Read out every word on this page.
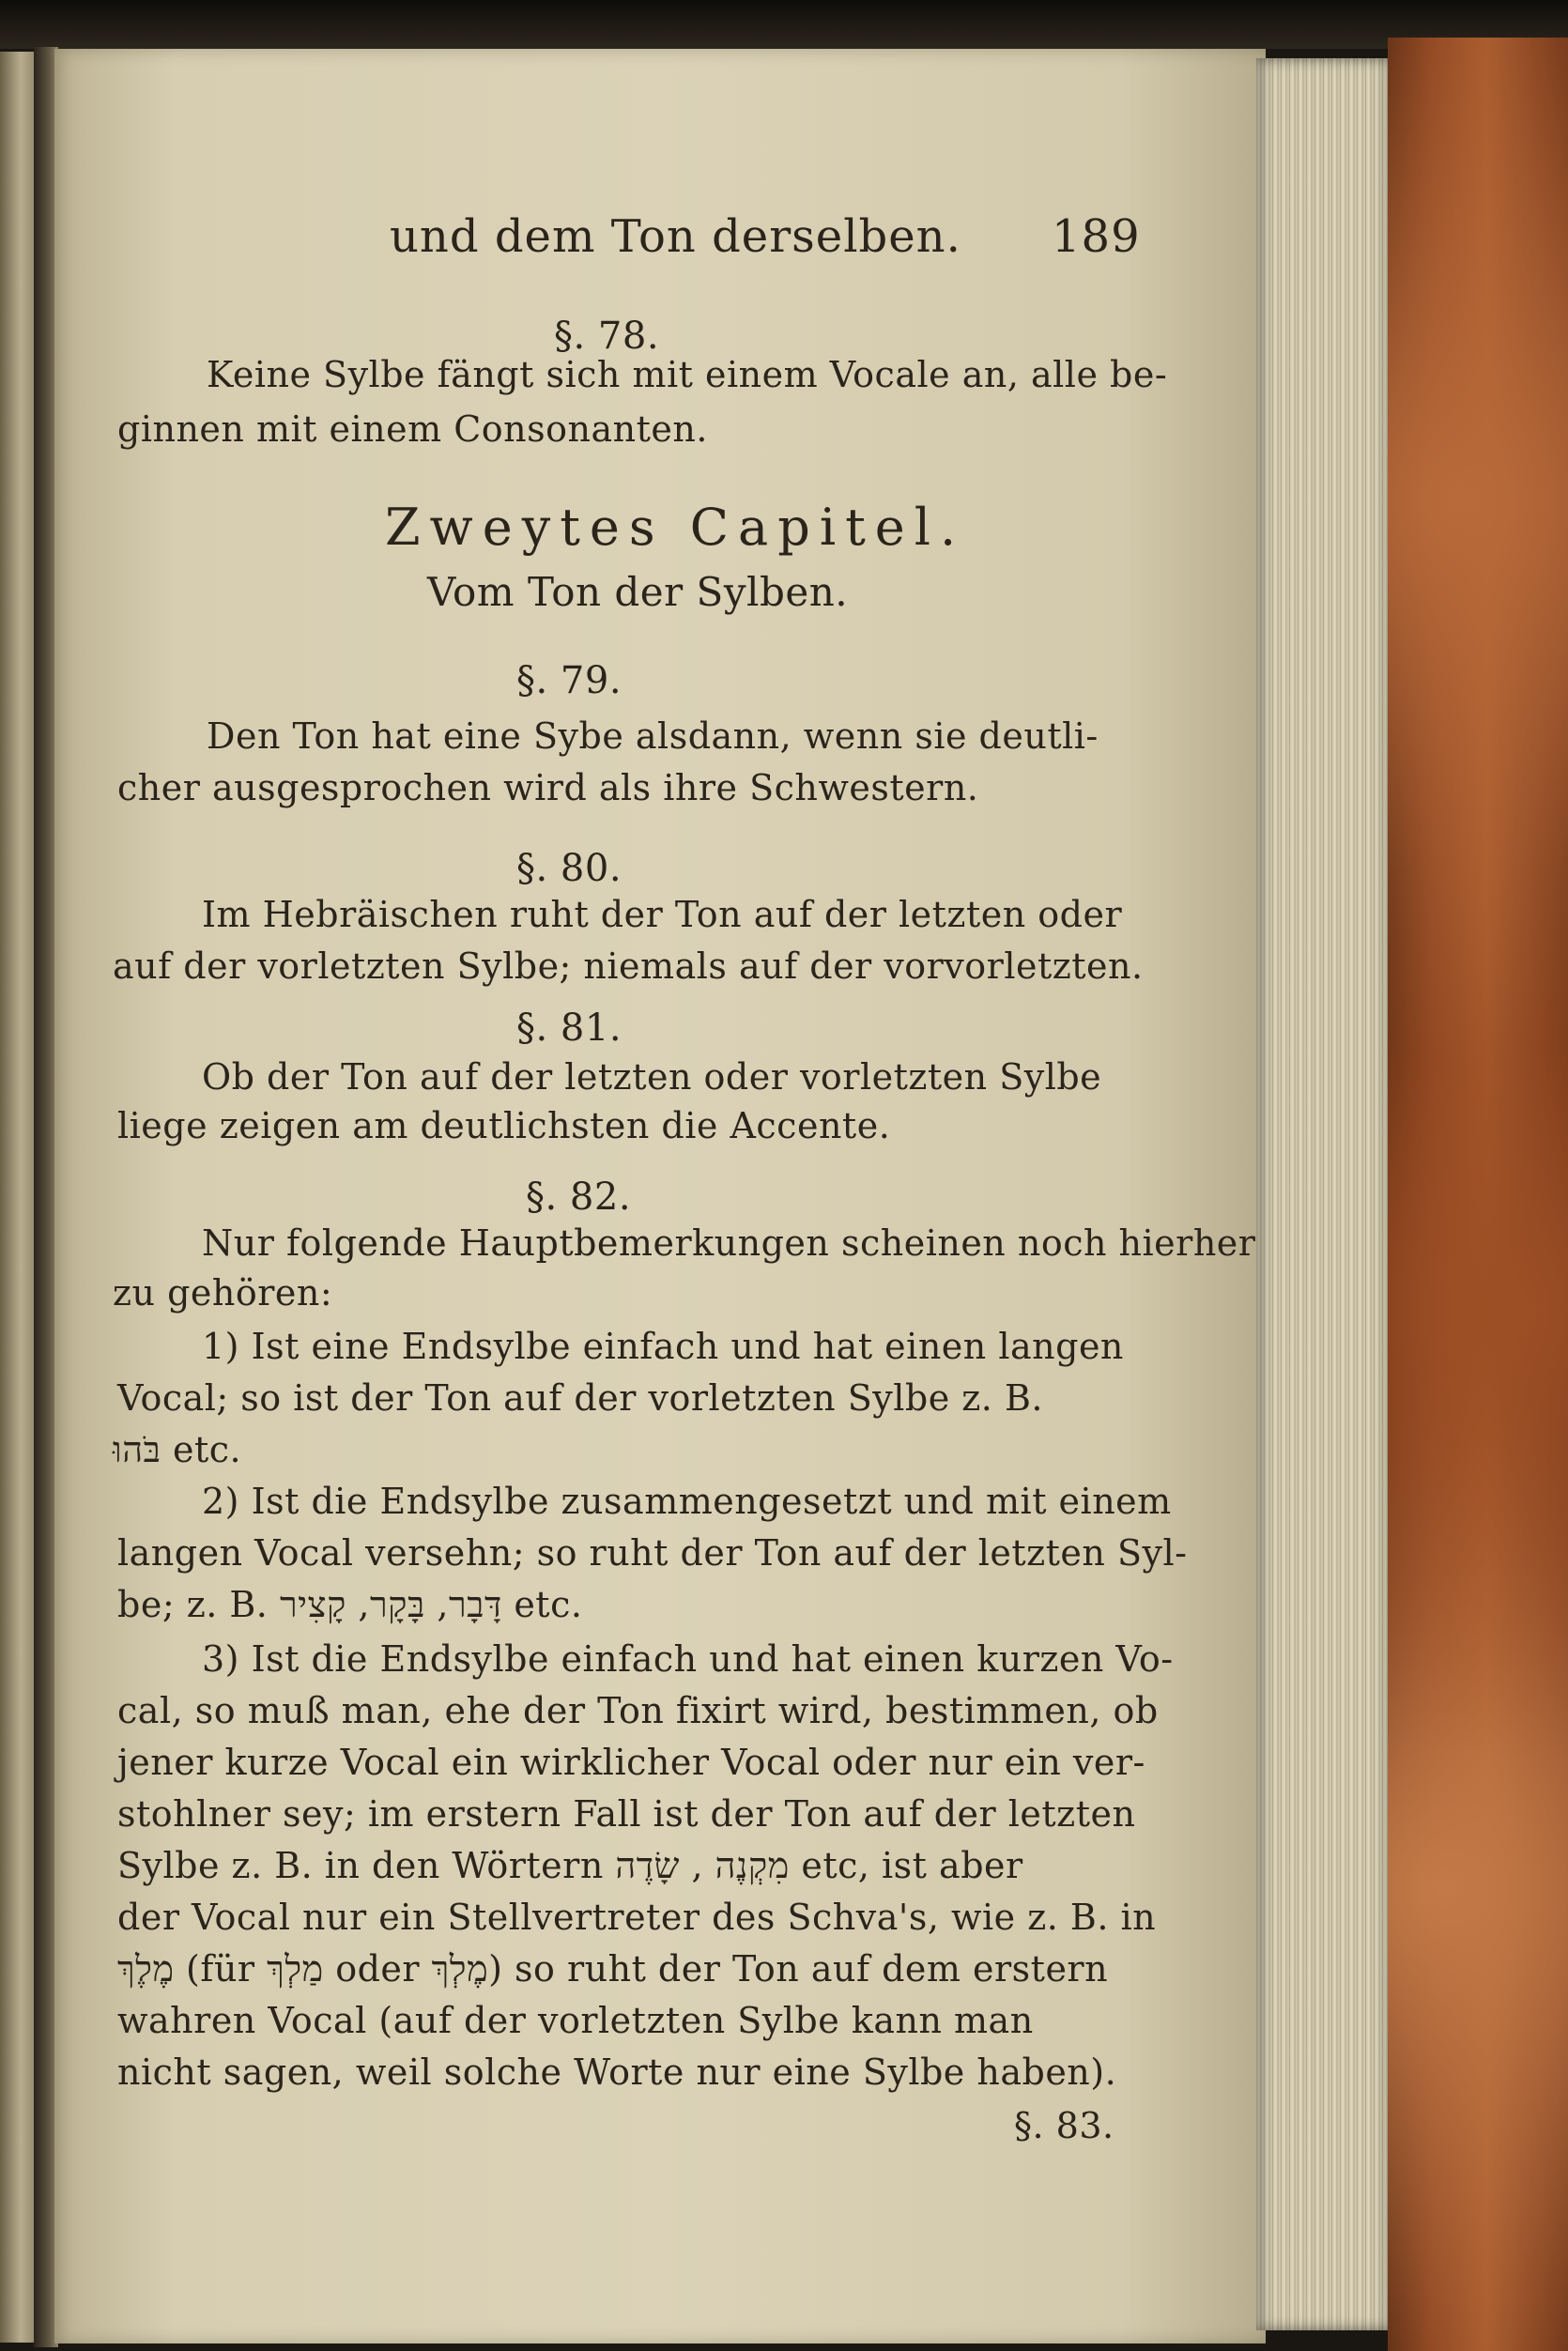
und dem Ton derselben. 189

§. 78.

Keine Sylbe fängt sich mit einem Vocale an, alle be-

ginnen mit einem Consonanten.

Zweytes Capitel.

Vom Ton der Sylben.

§. 79.

Den Ton hat eine Sybe alsdann, wenn sie deutli-

cher ausgesprochen wird als ihre Schwestern.

§. 80.

Im Hebräischen ruht der Ton auf der letzten oder

auf der vorletzten Sylbe; niemals auf der vorvorletzten.

§. 81.

Ob der Ton auf der letzten oder vorletzten Sylbe

liege zeigen am deutlichsten die Accente.

§. 82.

Nur folgende Hauptbemerkungen scheinen noch hierher

zu gehören:

1) Ist eine Endsylbe einfach und hat einen langen

Vocal; so ist der Ton auf der vorletzten Sylbe z. B.

בֹּהוּ etc.

2) Ist die Endsylbe zusammengesetzt und mit einem

langen Vocal versehn; so ruht der Ton auf der letzten Syl-

be; z. B. דָּבָר, בָּקָר, קָצִיר etc.

3) Ist die Endsylbe einfach und hat einen kurzen Vo-

cal, so muß man, ehe der Ton fixirt wird, bestimmen, ob

jener kurze Vocal ein wirklicher Vocal oder nur ein ver-

stohlner sey; im erstern Fall ist der Ton auf der letzten

Sylbe z. B. in den Wörtern מִקְנֶה , שָׂדֶה etc, ist aber

der Vocal nur ein Stellvertreter des Schva's, wie z. B. in

מֶלֶךְ (für מַלְךְ oder מֶלְךְ) so ruht der Ton auf dem erstern

wahren Vocal (auf der vorletzten Sylbe kann man

nicht sagen, weil solche Worte nur eine Sylbe haben).

§. 83.
